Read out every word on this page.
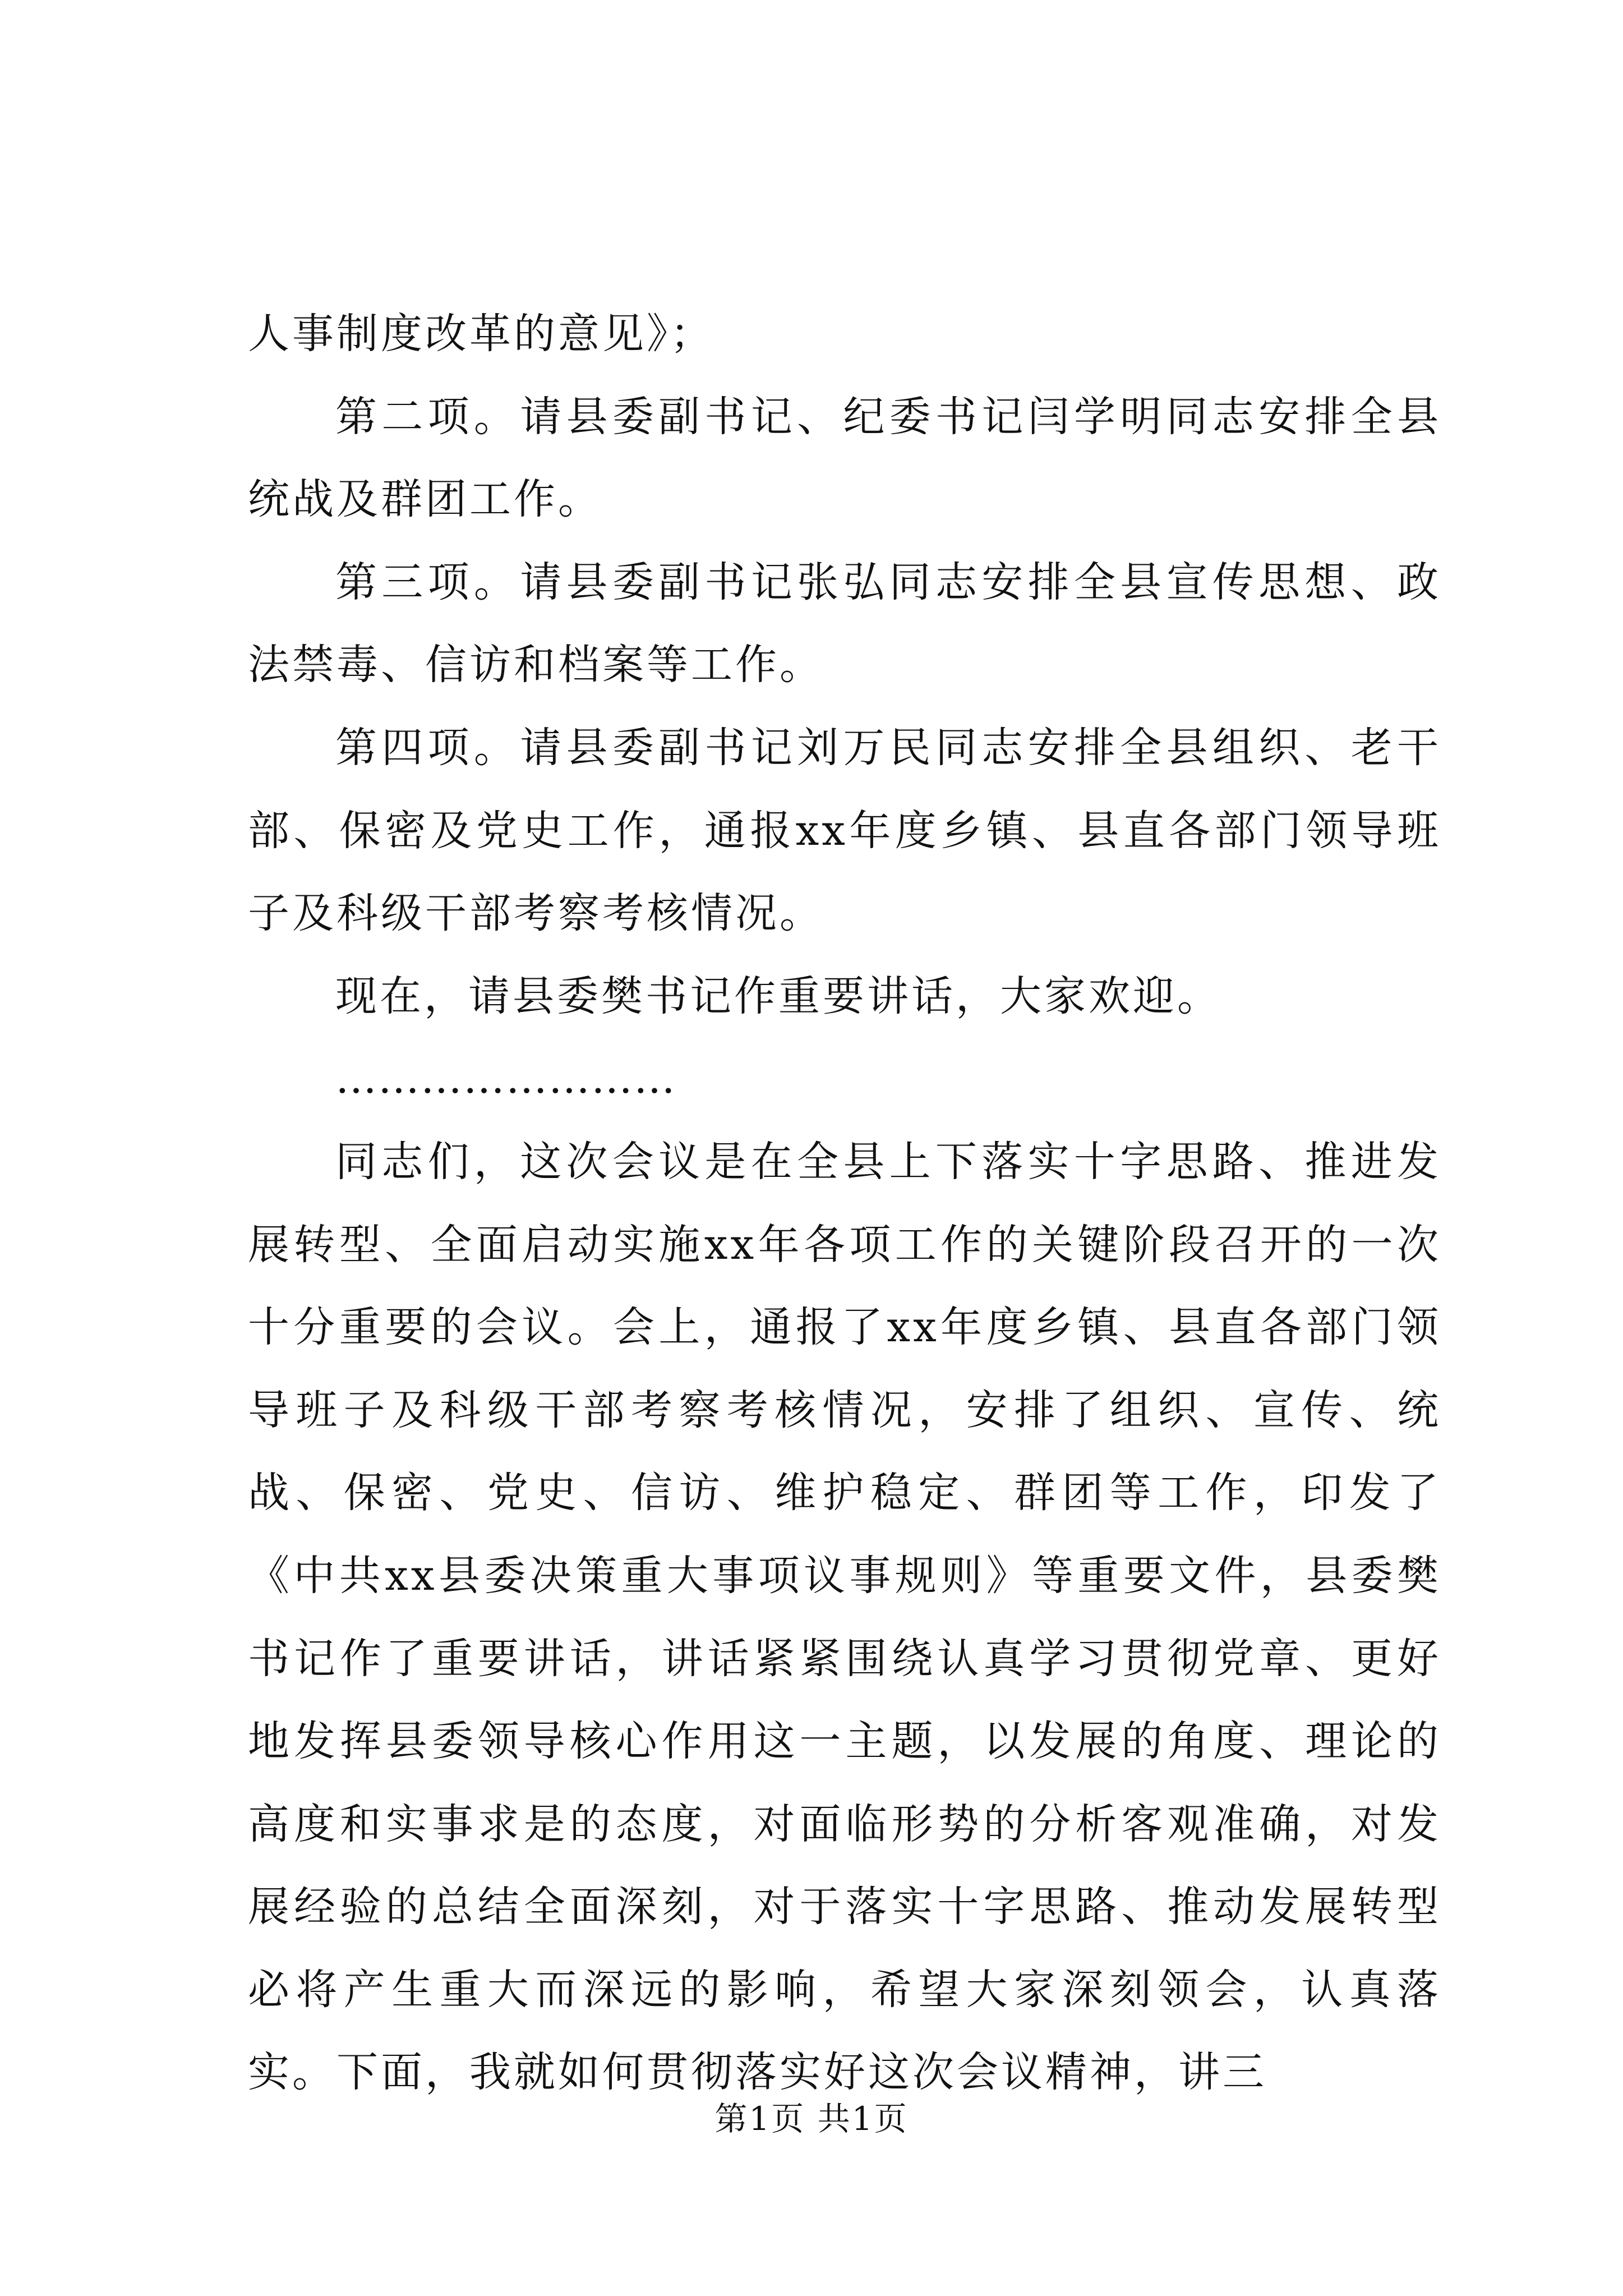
人事制度改革的意见》；

第二项。请县委副书记、纪委书记闫学明同志安排全县统战及群团工作。

第三项。请县委副书记张弘同志安排全县宣传思想、政法禁毒、信访和档案等工作。

第四项。请县委副书记刘万民同志安排全县组织、老干部、保密及党史工作，通报xx年度乡镇、县直各部门领导班子及科级干部考察考核情况。

现在，请县委樊书记作重要讲话，大家欢迎。

……………………

同志们，这次会议是在全县上下落实十字思路、推进发展转型、全面启动实施xx年各项工作的关键阶段召开的一次十分重要的会议。会上，通报了xx年度乡镇、县直各部门领导班子及科级干部考察考核情况，安排了组织、宣传、统战、保密、党史、信访、维护稳定、群团等工作，印发了《中共xx县委决策重大事项议事规则》等重要文件，县委樊书记作了重要讲话，讲话紧紧围绕认真学习贯彻党章、更好地发挥县委领导核心作用这一主题，以发展的角度、理论的高度和实事求是的态度，对面临形势的分析客观准确，对发展经验的总结全面深刻，对于落实十字思路、推动发展转型必将产生重大而深远的影响，希望大家深刻领会，认真落实。下面，我就如何贯彻落实好这次会议精神，讲三

第1页 共1页
